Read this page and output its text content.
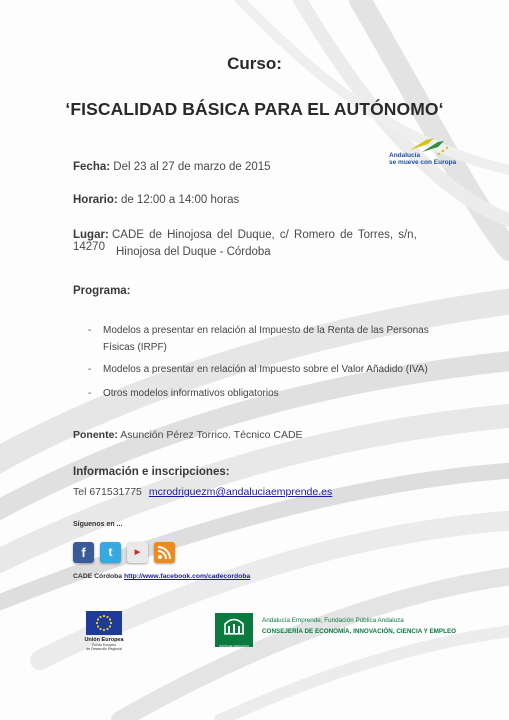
Curso:
‘FISCALIDAD BÁSICA PARA EL AUTÓNOMO‘
Andalucía
se mueve con Europa
Fecha: Del 23 al 27 de marzo de 2015
Horario: de 12:00 a 14:00 horas
Lugar: CADE de Hinojosa del Duque, c/ Romero de Torres, s/n, 14270 Hinojosa del Duque - Córdoba
Programa:
- Modelos a presentar en relación al Impuesto de la Renta de las Personas
Físicas (IRPF)
- Modelos a presentar en relación al Impuesto sobre el Valor Añadido (IVA)
- Otros modelos informativos obligatorios
Ponente: Asunción Pérez Torrico. Técnico CADE
Información e inscripciones:
Tel 671531775 mcrodriguezm@andaluciaemprende.es
Síguenos en ...
f	t	▶
CADE Córdoba http://www.facebook.com/cadecordoba
Unión Europea
Fondo Europeo
de Desarrollo Regional
JUNTA DE ANDALUCIA
Andalucía Emprende, Fundación Pública Andaluza
CONSEJERÍA DE ECONOMÍA, INNOVACIÓN, CIENCIA Y EMPLEO
